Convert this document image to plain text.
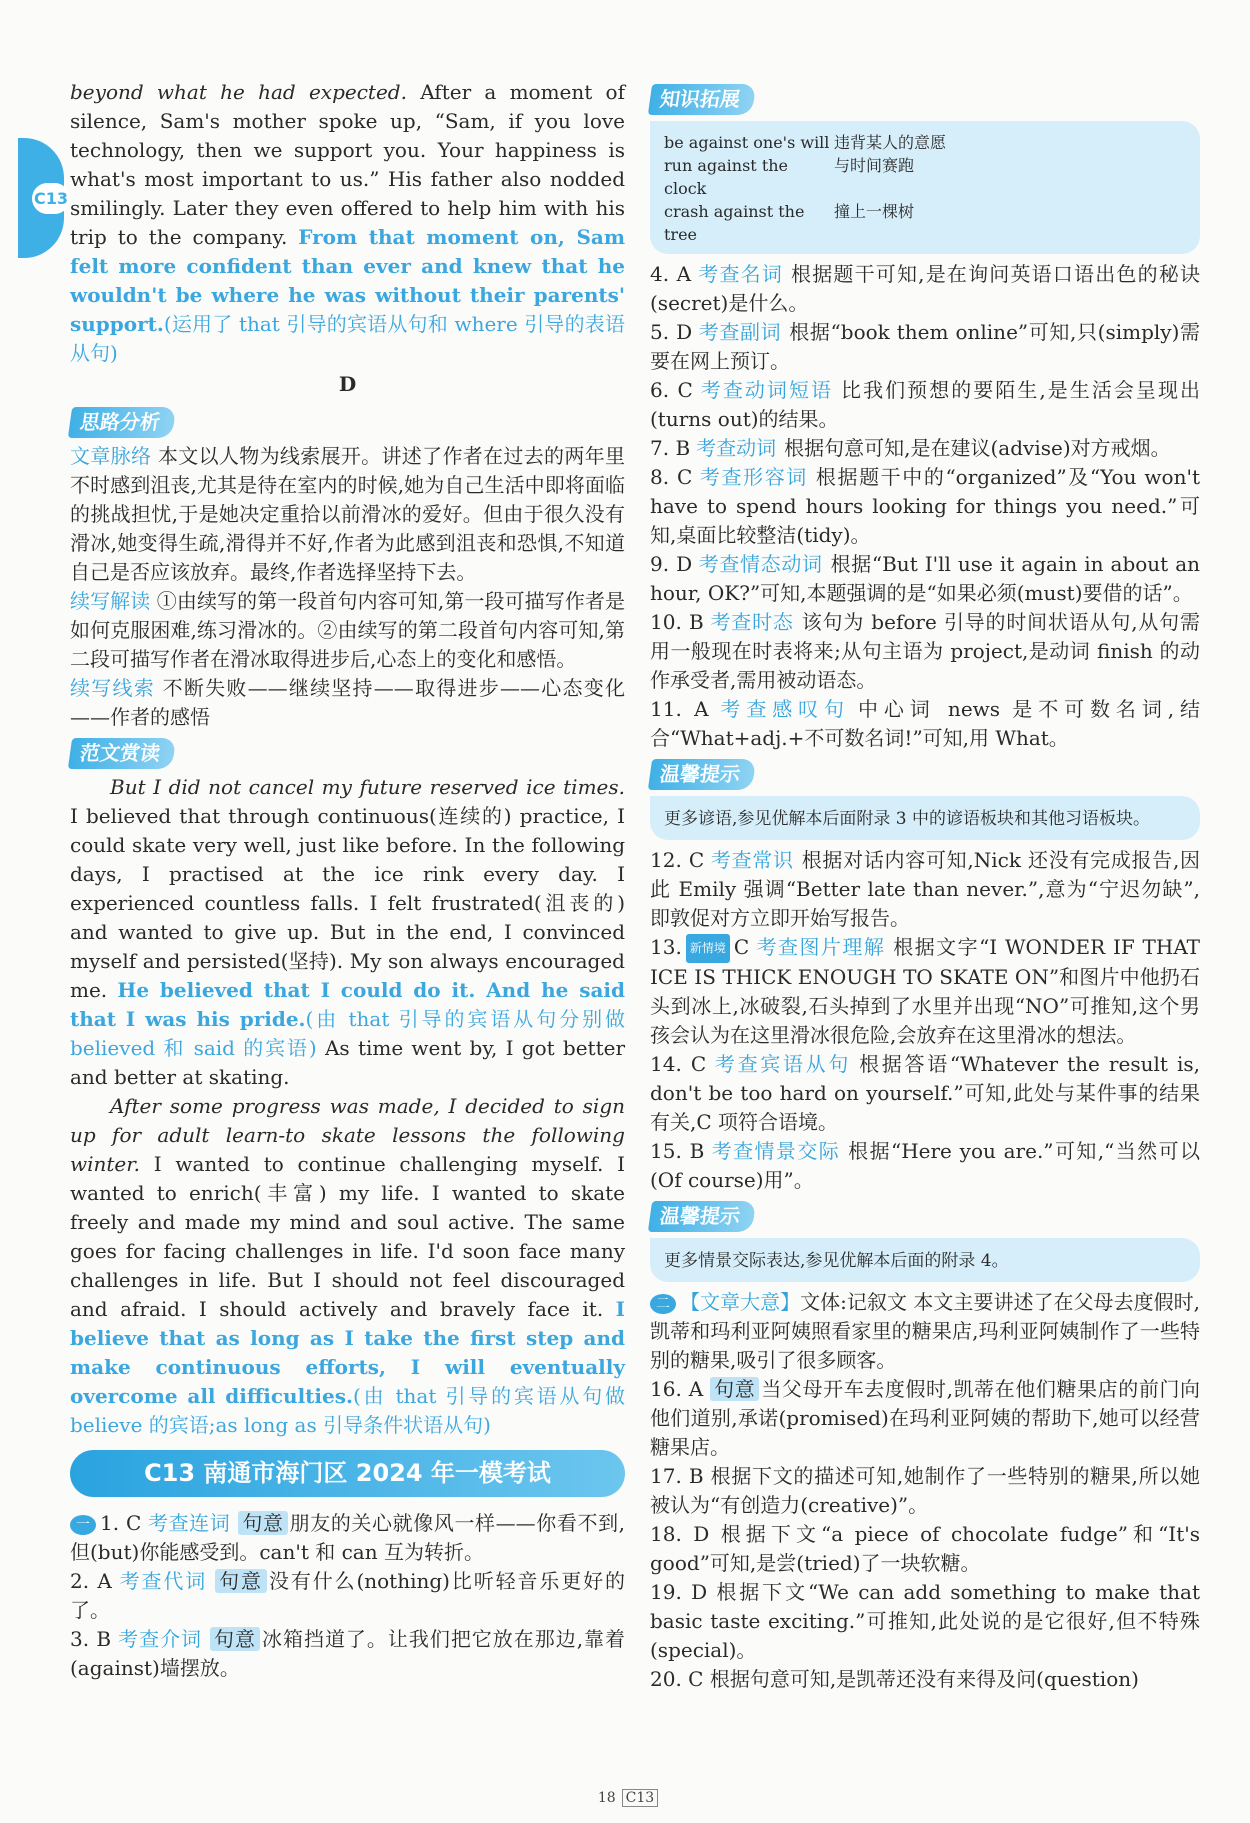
C13

beyond what he had expected. After a moment of silence, Sam's mother spoke up, “Sam, if you love technology, then we support you. Your happiness is what's most important to us.” His father also nodded smilingly. Later they even offered to help him with his trip to the company. From that moment on, Sam felt more confident than ever and knew that he wouldn't be where he was without their parents' support.(运用了 that 引导的宾语从句和 where 引导的表语从句)

D
思路分析

文章脉络 本文以人物为线索展开。讲述了作者在过去的两年里不时感到沮丧,尤其是待在室内的时候,她为自己生活中即将面临的挑战担忧,于是她决定重拾以前滑冰的爱好。但由于很久没有滑冰,她变得生疏,滑得并不好,作者为此感到沮丧和恐惧,不知道自己是否应该放弃。最终,作者选择坚持下去。

续写解读 ①由续写的第一段首句内容可知,第一段可描写作者是如何克服困难,练习滑冰的。②由续写的第二段首句内容可知,第二段可描写作者在滑冰取得进步后,心态上的变化和感悟。

续写线索 不断失败——继续坚持——取得进步——心态变化——作者的感悟

范文赏读

But I did not cancel my future reserved ice times. I believed that through continuous(连续的) practice, I could skate very well, just like before. In the following days, I practised at the ice rink every day. I experienced countless falls. I felt frustrated(沮丧的) and wanted to give up. But in the end, I convinced myself and persisted(坚持). My son always encouraged me. He believed that I could do it. And he said that I was his pride.(由 that 引导的宾语从句分别做 believed 和 said 的宾语) As time went by, I got better and better at skating.

After some progress was made, I decided to sign up for adult learn-to skate lessons the following winter. I wanted to continue challenging myself. I wanted to enrich(丰富) my life. I wanted to skate freely and made my mind and soul active. The same goes for facing challenges in life. I'd soon face many challenges in life. But I should not feel discouraged and afraid. I should actively and bravely face it. I believe that as long as I take the first step and make continuous efforts, I will eventually overcome all difficulties.(由 that 引导的宾语从句做 believe 的宾语;as long as 引导条件状语从句)

C13 南通市海门区 2024 年一模考试

一 1. C 考查连词 句意 朋友的关心就像风一样——你看不到,但(but)你能感受到。can't 和 can 互为转折。

2. A 考查代词 句意 没有什么(nothing)比听轻音乐更好的了。

3. B 考查介词 句意 冰箱挡道了。让我们把它放在那边,靠着(against)墙摆放。

知识拓展
be against one's will 违背某人的意愿
run against the clock
与时间赛跑
crash against the tree
撞上一棵树

4. A 考查名词 根据题干可知,是在询问英语口语出色的秘诀(secret)是什么。

5. D 考查副词 根据“book them online”可知,只(simply)需要在网上预订。

6. C 考查动词短语 比我们预想的要陌生,是生活会呈现出(turns out)的结果。

7. B 考查动词 根据句意可知,是在建议(advise)对方戒烟。

8. C 考查形容词 根据题干中的“organized”及“You won't have to spend hours looking for things you need.”可知,桌面比较整洁(tidy)。

9. D 考查情态动词 根据“But I'll use it again in about an hour, OK?”可知,本题强调的是“如果必须(must)要借的话”。

10. B 考查时态 该句为 before 引导的时间状语从句,从句需用一般现在时表将来;从句主语为 project,是动词 finish 的动作承受者,需用被动语态。

11. A 考查感叹句 中心词 news 是不可数名词,结合“What+adj.+不可数名词!”可知,用 What。

温馨提示
更多谚语,参见优解本后面附录 3 中的谚语板块和其他习语板块。

12. C 考查常识 根据对话内容可知,Nick 还没有完成报告,因此 Emily 强调“Better late than never.”,意为“宁迟勿缺”,即敦促对方立即开始写报告。

13. 新情境 C 考查图片理解 根据文字“I WONDER IF THAT ICE IS THICK ENOUGH TO SKATE ON”和图片中他扔石头到冰上,冰破裂,石头掉到了水里并出现“NO”可推知,这个男孩会认为在这里滑冰很危险,会放弃在这里滑冰的想法。

14. C 考查宾语从句 根据答语“Whatever the result is, don't be too hard on yourself.”可知,此处与某件事的结果有关,C 项符合语境。

15. B 考查情景交际 根据“Here you are.”可知,“当然可以(Of course)用”。

温馨提示
更多情景交际表达,参见优解本后面的附录 4。

二 【文章大意】文体:记叙文 本文主要讲述了在父母去度假时,凯蒂和玛利亚阿姨照看家里的糖果店,玛利亚阿姨制作了一些特别的糖果,吸引了很多顾客。

16. A 句意 当父母开车去度假时,凯蒂在他们糖果店的前门向他们道别,承诺(promised)在玛利亚阿姨的帮助下,她可以经营糖果店。

17. B 根据下文的描述可知,她制作了一些特别的糖果,所以她被认为“有创造力(creative)”。

18. D 根据下文“a piece of chocolate fudge”和“It's good”可知,是尝(tried)了一块软糖。

19. D 根据下文“We can add something to make that basic taste exciting.”可推知,此处说的是它很好,但不特殊(special)。

20. C 根据句意可知,是凯蒂还没有来得及问(question)

18 C13
